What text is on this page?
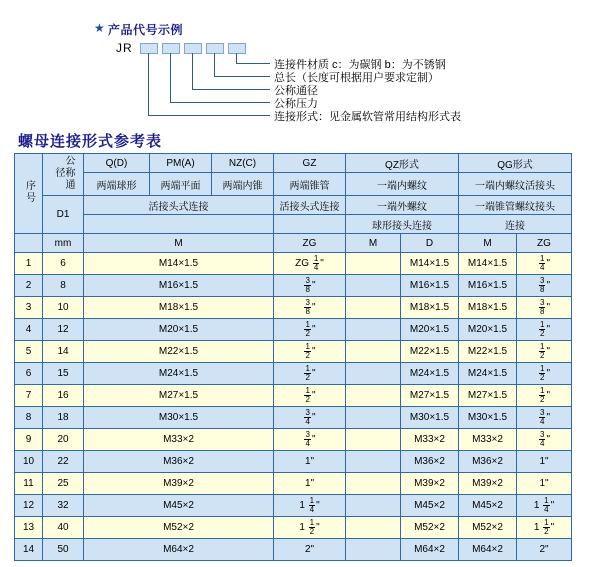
★ 产品代号示例
JR
连接件材质 c：为碳钢 b：为不锈钢
总长（长度可根据用户要求定制）
公称通径
公称压力
连接形式：见金属软管常用结构形式表
螺母连接形式参考表
序号	公称通径	Q(D)	PM(A)	NZ(C)	GZ	QZ形式		QG形式	
		两端球形	两端平面	两端内锥	两端锥管	一端内螺纹		一端内螺纹活接头	
	D1	活接头式连接			活接头式连接	一端外螺纹		一端锥管螺纹接头	
						球形接头连接		连接	
	mm	M			ZG	M	D	M	ZG
1	6	M14×1.5			ZG $\frac{1}{4}$ "		M14×1.5	M14×1.5	$\frac{1}{4}$ "
2	8	M16×1.5			$\frac{3}{8}$ "		M16×1.5	M16×1.5	$\frac{3}{8}$ "
3	10	M18×1.5			$\frac{3}{8}$ "		M18×1.5	M18×1.5	$\frac{3}{8}$ "
4	12	M20×1.5			$\frac{1}{2}$ "		M20×1.5	M20×1.5	$\frac{1}{2}$ "
5	14	M22×1.5			$\frac{1}{2}$ "		M22×1.5	M22×1.5	$\frac{1}{2}$ "
6	15	M24×1.5			$\frac{1}{2}$ "		M24×1.5	M24×1.5	$\frac{1}{2}$ "
7	16	M27×1.5			$\frac{1}{2}$ "		M27×1.5	M27×1.5	$\frac{1}{2}$ "
8	18	M30×1.5			$\frac{3}{4}$ "		M30×1.5	M30×1.5	$\frac{3}{4}$ "
9	20	M33×2			$\frac{3}{4}$ "		M33×2	M33×2	$\frac{3}{4}$ "
10	22	M36×2			1"		M36×2	M36×2	1"
11	25	M39×2			1"		M39×2	M39×2	1"
12	32	M45×2			$1 \frac{1}{4}$ "		M45×2	M45×2	$1 \frac{1}{4}$ "
13	40	M52×2			$1 \frac{1}{2}$ "		M52×2	M52×2	$1 \frac{1}{2}$ "
14	50	M64×2			2"		M64×2	M64×2	2"
